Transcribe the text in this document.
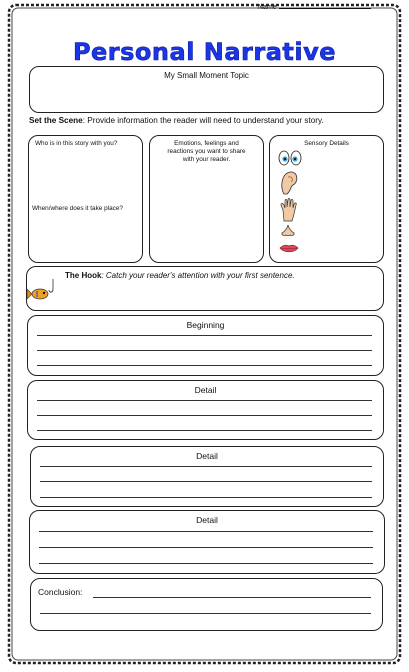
Name
Personal Narrative
My Small Moment Topic
Set the Scene: Provide information the reader will need to understand your story.
Who is in this story with you?
When/where does it take place?
Emotions, feelings and reactions you want to share with your reader.
Sensory Details
The Hook: Catch your reader's attention with your first sentence.
Beginning
Detail
Detail
Detail
Conclusion:
